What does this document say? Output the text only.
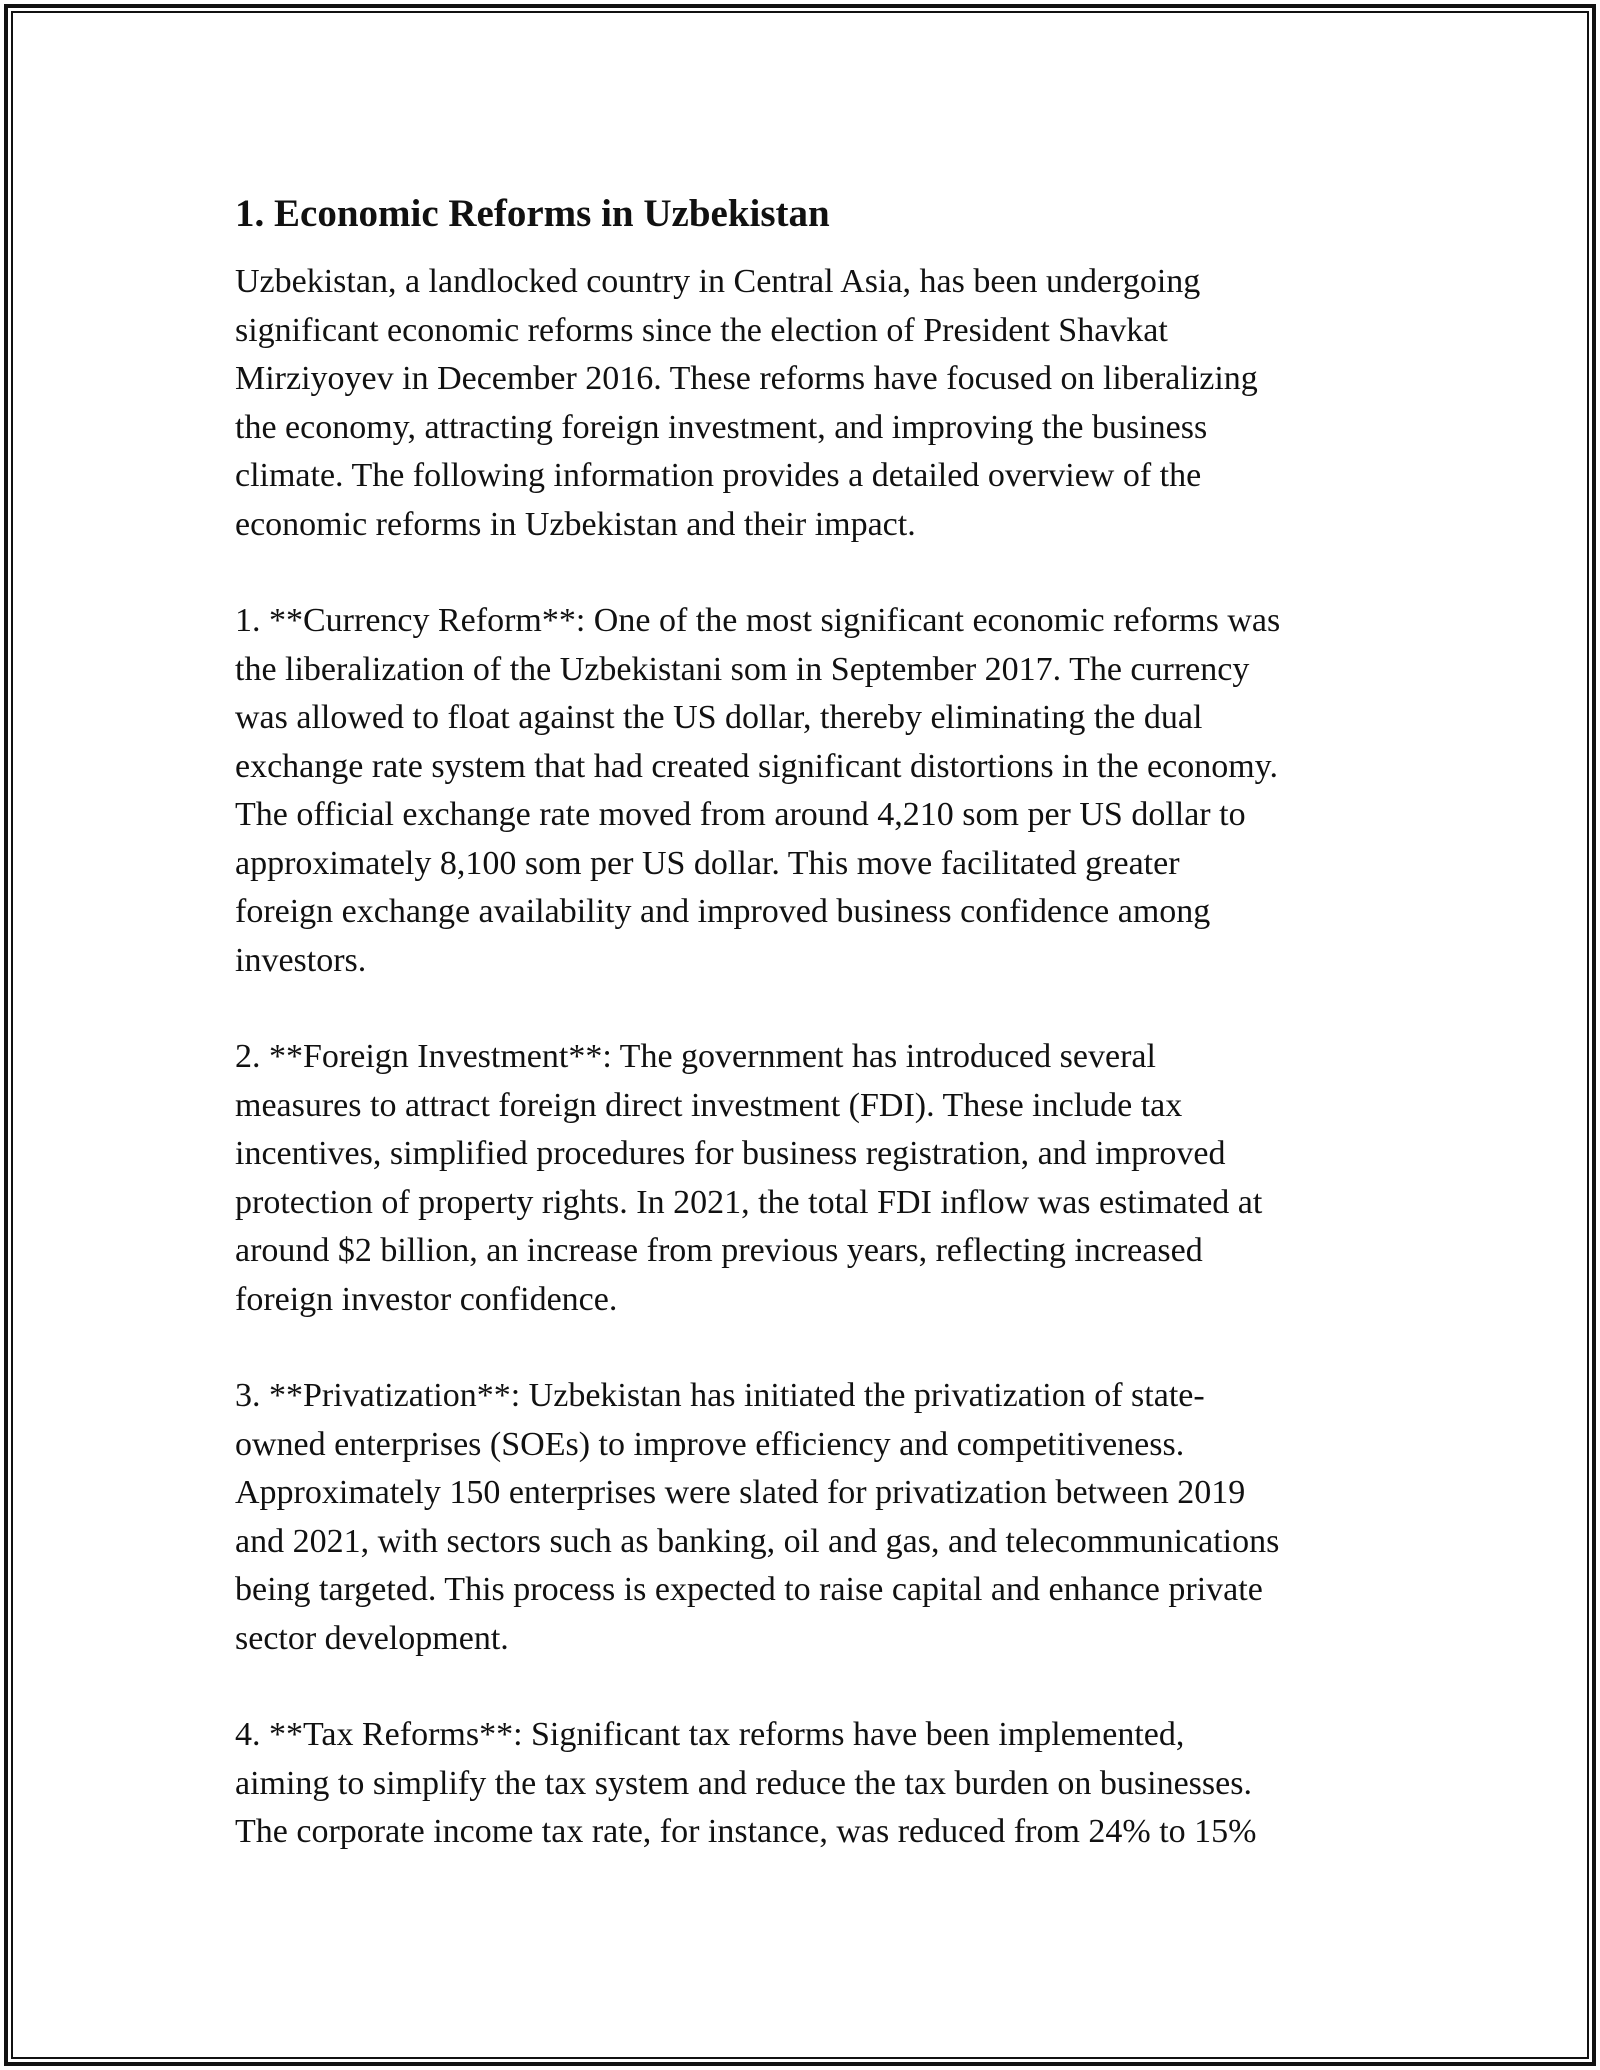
1. Economic Reforms in Uzbekistan

Uzbekistan, a landlocked country in Central Asia, has been undergoing
significant economic reforms since the election of President Shavkat
Mirziyoyev in December 2016. These reforms have focused on liberalizing
the economy, attracting foreign investment, and improving the business
climate. The following information provides a detailed overview of the
economic reforms in Uzbekistan and their impact.

1. **Currency Reform**: One of the most significant economic reforms was
the liberalization of the Uzbekistani som in September 2017. The currency
was allowed to float against the US dollar, thereby eliminating the dual
exchange rate system that had created significant distortions in the economy.
The official exchange rate moved from around 4,210 som per US dollar to
approximately 8,100 som per US dollar. This move facilitated greater
foreign exchange availability and improved business confidence among
investors.

2. **Foreign Investment**: The government has introduced several
measures to attract foreign direct investment (FDI). These include tax
incentives, simplified procedures for business registration, and improved
protection of property rights. In 2021, the total FDI inflow was estimated at
around $2 billion, an increase from previous years, reflecting increased
foreign investor confidence.

3. **Privatization**: Uzbekistan has initiated the privatization of state-
owned enterprises (SOEs) to improve efficiency and competitiveness.
Approximately 150 enterprises were slated for privatization between 2019
and 2021, with sectors such as banking, oil and gas, and telecommunications
being targeted. This process is expected to raise capital and enhance private
sector development.

4. **Tax Reforms**: Significant tax reforms have been implemented,
aiming to simplify the tax system and reduce the tax burden on businesses.
The corporate income tax rate, for instance, was reduced from 24% to 15%
